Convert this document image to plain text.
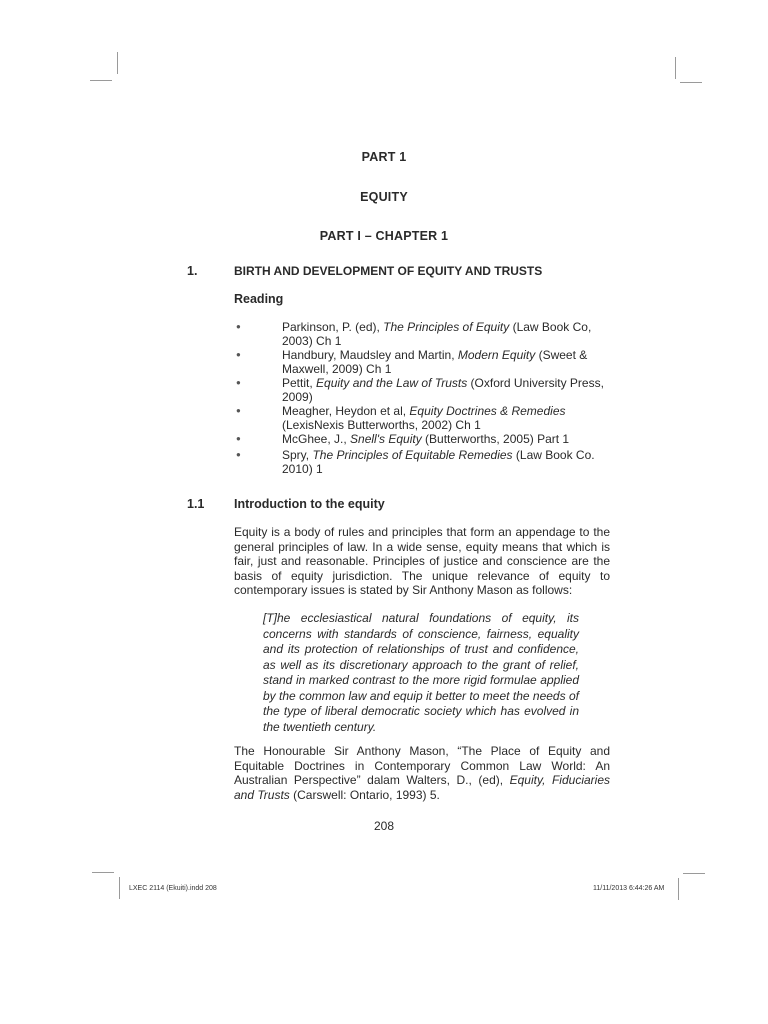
PART 1
EQUITY
PART I – CHAPTER 1
1.	BIRTH AND DEVELOPMENT OF EQUITY AND TRUSTS
Reading
●	Parkinson, P. (ed), The Principles of Equity (Law Book Co, 2003) Ch 1
●	Handbury, Maudsley and Martin, Modern Equity (Sweet & Maxwell, 2009) Ch 1
●	Pettit, Equity and the Law of Trusts (Oxford University Press, 2009)
●	Meagher, Heydon et al, Equity Doctrines & Remedies (LexisNexis Butterworths, 2002) Ch 1
●	McGhee, J., Snell's Equity (Butterworths, 2005) Part 1
●	Spry, The Principles of Equitable Remedies (Law Book Co. 2010) 1
1.1 Introduction to the equity

Equity is a body of rules and principles that form an appendage to the general principles of law. In a wide sense, equity means that which is fair, just and reasonable. Principles of justice and conscience are the basis of equity jurisdiction. The unique relevance of equity to contemporary issues is stated by Sir Anthony Mason as follows:

[T]he ecclesiastical natural foundations of equity, its concerns with standards of conscience, fairness, equality and its protection of relationships of trust and confidence, as well as its discretionary approach to the grant of relief, stand in marked contrast to the more rigid formulae applied by the common law and equip it better to meet the needs of the type of liberal democratic society which has evolved in the twentieth century.

The Honourable Sir Anthony Mason, “The Place of Equity and Equitable Doctrines in Contemporary Common Law World: An Australian Perspective” dalam Walters, D., (ed), Equity, Fiduciaries and Trusts (Carswell: Ontario, 1993) 5.

208
LXEC 2114 (Ekuiti).indd 208	11/11/2013 6:44:26 AM
